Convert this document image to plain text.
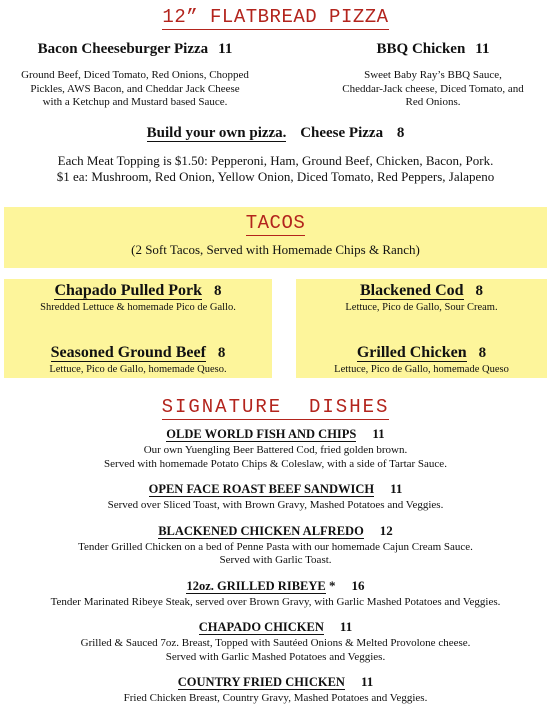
12” FLATBREAD PIZZA
Bacon Cheeseburger Pizza 11
Ground Beef, Diced Tomato, Red Onions, Chopped
Pickles, AWS Bacon, and Cheddar Jack Cheese
with a Ketchup and Mustard based Sauce.
BBQ Chicken 11
Sweet Baby Ray’s BBQ Sauce,
Cheddar-Jack cheese, Diced Tomato, and
Red Onions.
Build your own pizza. Cheese Pizza 8
Each Meat Topping is $1.50: Pepperoni, Ham, Ground Beef, Chicken, Bacon, Pork.
$1 ea: Mushroom, Red Onion, Yellow Onion, Diced Tomato, Red Peppers, Jalapeno
TACOS
(2 Soft Tacos, Served with Homemade Chips & Ranch)
Chapado Pulled Pork 8
Shredded Lettuce & homemade Pico de Gallo.
Seasoned Ground Beef 8
Lettuce, Pico de Gallo, homemade Queso.
Blackened Cod 8
Lettuce, Pico de Gallo, Sour Cream.
Grilled Chicken 8
Lettuce, Pico de Gallo, homemade Queso
SIGNATURE  DISHES
OLDE WORLD FISH AND CHIPS 11
Our own Yuengling Beer Battered Cod, fried golden brown.
Served with homemade Potato Chips & Coleslaw, with a side of Tartar Sauce.
OPEN FACE ROAST BEEF SANDWICH 11
Served over Sliced Toast, with Brown Gravy, Mashed Potatoes and Veggies.
BLACKENED CHICKEN ALFREDO 12
Tender Grilled Chicken on a bed of Penne Pasta with our homemade Cajun Cream Sauce.
Served with Garlic Toast.
12oz. GRILLED RIBEYE * 16
Tender Marinated Ribeye Steak, served over Brown Gravy, with Garlic Mashed Potatoes and Veggies.
CHAPADO CHICKEN 11
Grilled & Sauced 7oz. Breast, Topped with Sautéed Onions & Melted Provolone cheese.
Served with Garlic Mashed Potatoes and Veggies.
COUNTRY FRIED CHICKEN 11
Fried Chicken Breast, Country Gravy, Mashed Potatoes and Veggies.
